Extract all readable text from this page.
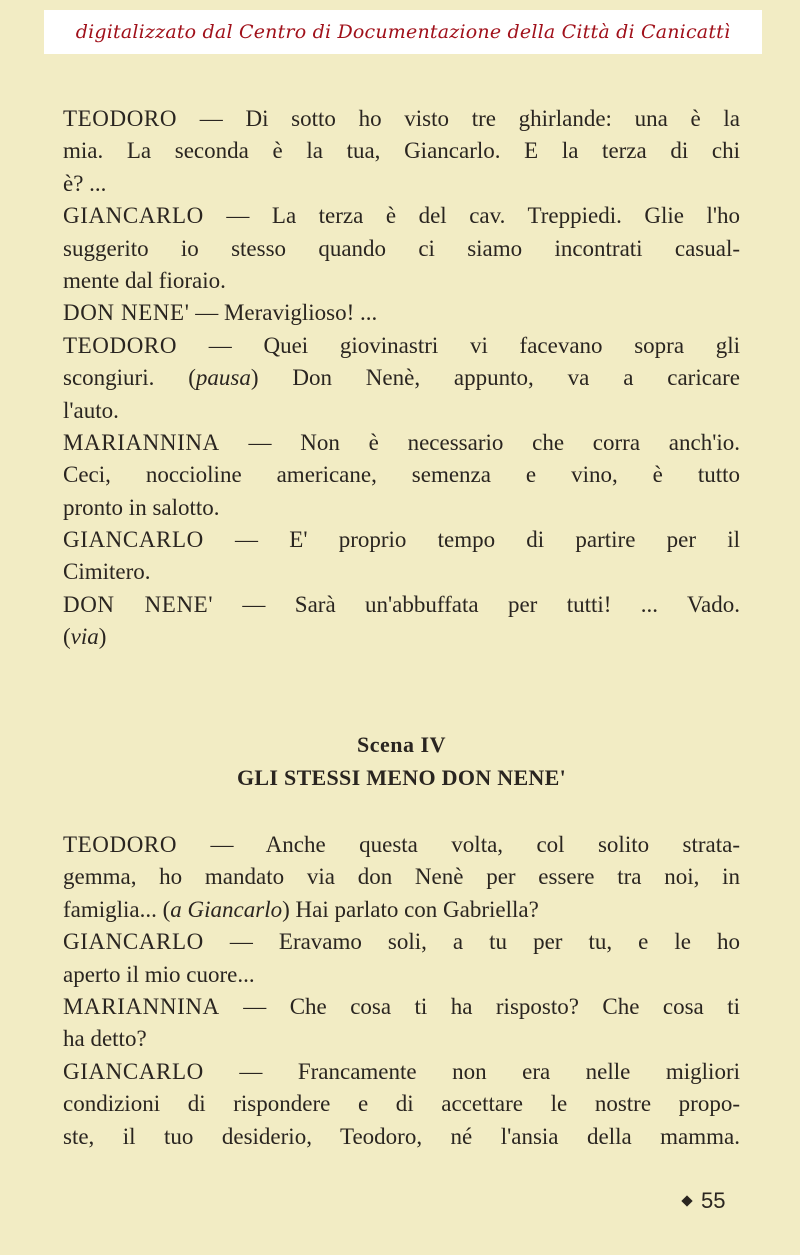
digitalizzato dal Centro di Documentazione della Città di Canicattì
TEODORO — Di sotto ho visto tre ghirlande: una è la
mia. La seconda è la tua, Giancarlo. E la terza di chi
è? ...
GIANCARLO — La terza è del cav. Treppiedi. Glie l'ho
suggerito io stesso quando ci siamo incontrati casual-
mente dal fioraio.
DON NENE' — Meraviglioso! ...
TEODORO — Quei giovinastri vi facevano sopra gli
scongiuri. (pausa) Don Nenè, appunto, va a caricare
l'auto.
MARIANNINA — Non è necessario che corra anch'io.
Ceci, noccioline americane, semenza e vino, è tutto
pronto in salotto.
GIANCARLO — E' proprio tempo di partire per il
Cimitero.
DON NENE' — Sarà un'abbuffata per tutti! ... Vado.
(via)
Scena IV
GLI STESSI MENO DON NENE'
TEODORO — Anche questa volta, col solito strata-
gemma, ho mandato via don Nenè per essere tra noi, in
famiglia... (a Giancarlo) Hai parlato con Gabriella?
GIANCARLO — Eravamo soli, a tu per tu, e le ho
aperto il mio cuore...
MARIANNINA — Che cosa ti ha risposto? Che cosa ti
ha detto?
GIANCARLO — Francamente non era nelle migliori
condizioni di rispondere e di accettare le nostre propo-
ste, il tuo desiderio, Teodoro, né l'ansia della mamma.
55
